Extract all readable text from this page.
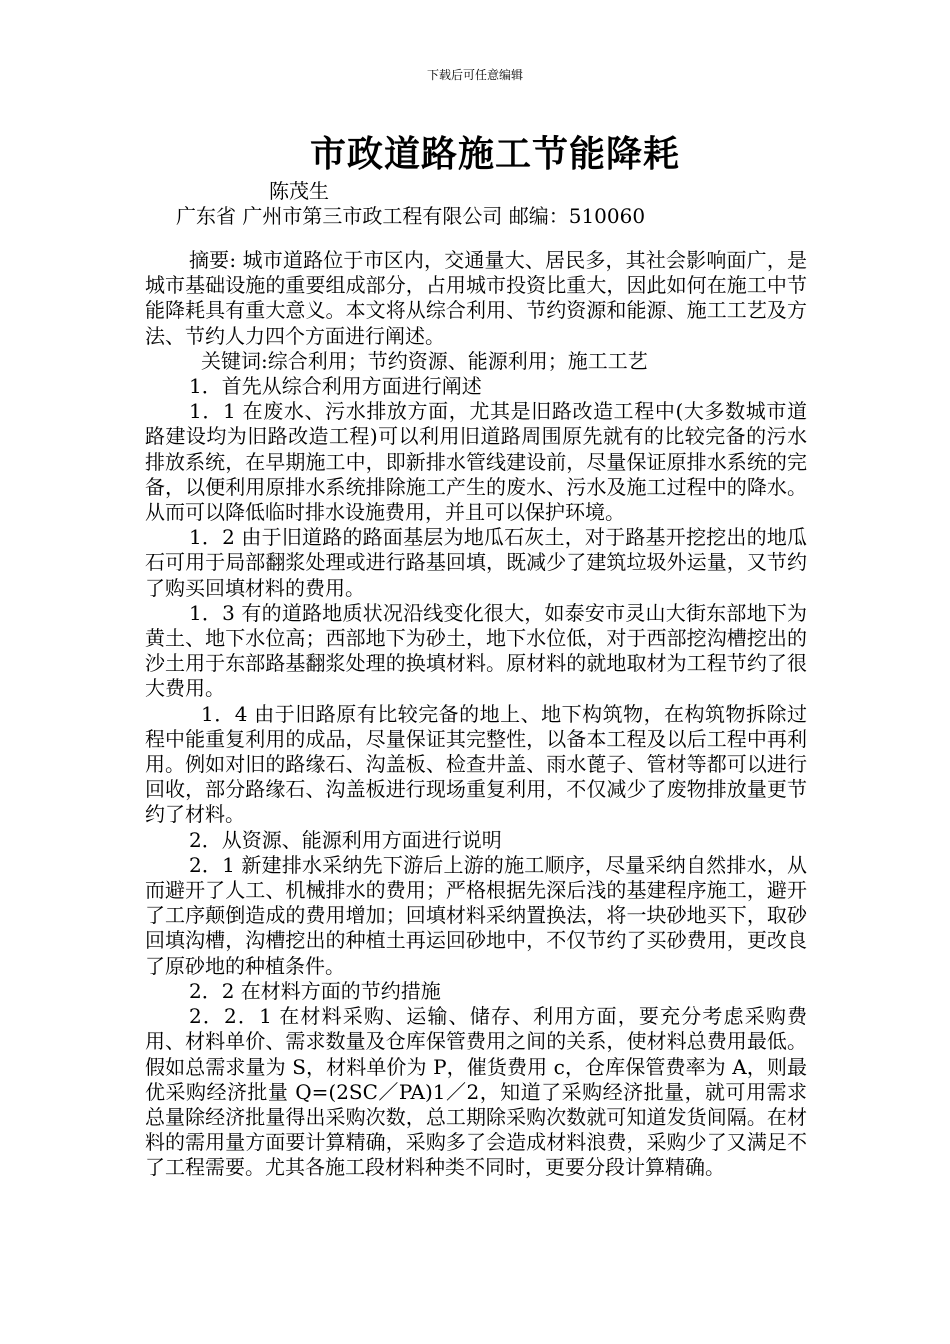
下载后可任意编辑
市政道路施工节能降耗
陈茂生
广东省 广州市第三市政工程有限公司 邮编：510060

摘要: 城市道路位于市区内，交通量大、居民多，其社会影响面广，是城市基础设施的重要组成部分，占用城市投资比重大，因此如何在施工中节能降耗具有重大意义。本文将从综合利用、节约资源和能源、施工工艺及方法、节约人力四个方面进行阐述。

关键词:综合利用；节约资源、能源利用；施工工艺

1．首先从综合利用方面进行阐述

1．1 在废水、污水排放方面，尤其是旧路改造工程中(大多数城市道路建设均为旧路改造工程)可以利用旧道路周围原先就有的比较完备的污水排放系统，在早期施工中，即新排水管线建设前，尽量保证原排水系统的完备，以便利用原排水系统排除施工产生的废水、污水及施工过程中的降水。从而可以降低临时排水设施费用，并且可以保护环境。

1．2 由于旧道路的路面基层为地瓜石灰土，对于路基开挖挖出的地瓜石可用于局部翻浆处理或进行路基回填，既减少了建筑垃圾外运量，又节约了购买回填材料的费用。

1．3 有的道路地质状况沿线变化很大，如泰安市灵山大街东部地下为黄土、地下水位高；西部地下为砂土，地下水位低，对于西部挖沟槽挖出的沙土用于东部路基翻浆处理的换填材料。原材料的就地取材为工程节约了很大费用。

1．4 由于旧路原有比较完备的地上、地下构筑物，在构筑物拆除过程中能重复利用的成品，尽量保证其完整性，以备本工程及以后工程中再利用。例如对旧的路缘石、沟盖板、检查井盖、雨水蓖子、管材等都可以进行回收，部分路缘石、沟盖板进行现场重复利用，不仅减少了废物排放量更节约了材料。

2．从资源、能源利用方面进行说明

2．1 新建排水采纳先下游后上游的施工顺序，尽量采纳自然排水，从而避开了人工、机械排水的费用；严格根据先深后浅的基建程序施工，避开了工序颠倒造成的费用增加；回填材料采纳置换法，将一块砂地买下，取砂回填沟槽，沟槽挖出的种植土再运回砂地中，不仅节约了买砂费用，更改良了原砂地的种植条件。

2．2 在材料方面的节约措施

2．2．1 在材料采购、运输、储存、利用方面，要充分考虑采购费用、材料单价、需求数量及仓库保管费用之间的关系，使材料总费用最低。假如总需求量为 S，材料单价为 P，催货费用 c，仓库保管费率为 A，则最优采购经济批量 Q=(2SC／PA)1／2，知道了采购经济批量，就可用需求总量除经济批量得出采购次数，总工期除采购次数就可知道发货间隔。在材料的需用量方面要计算精确，采购多了会造成材料浪费，采购少了又满足不了工程需要。尤其各施工段材料种类不同时，更要分段计算精确。
